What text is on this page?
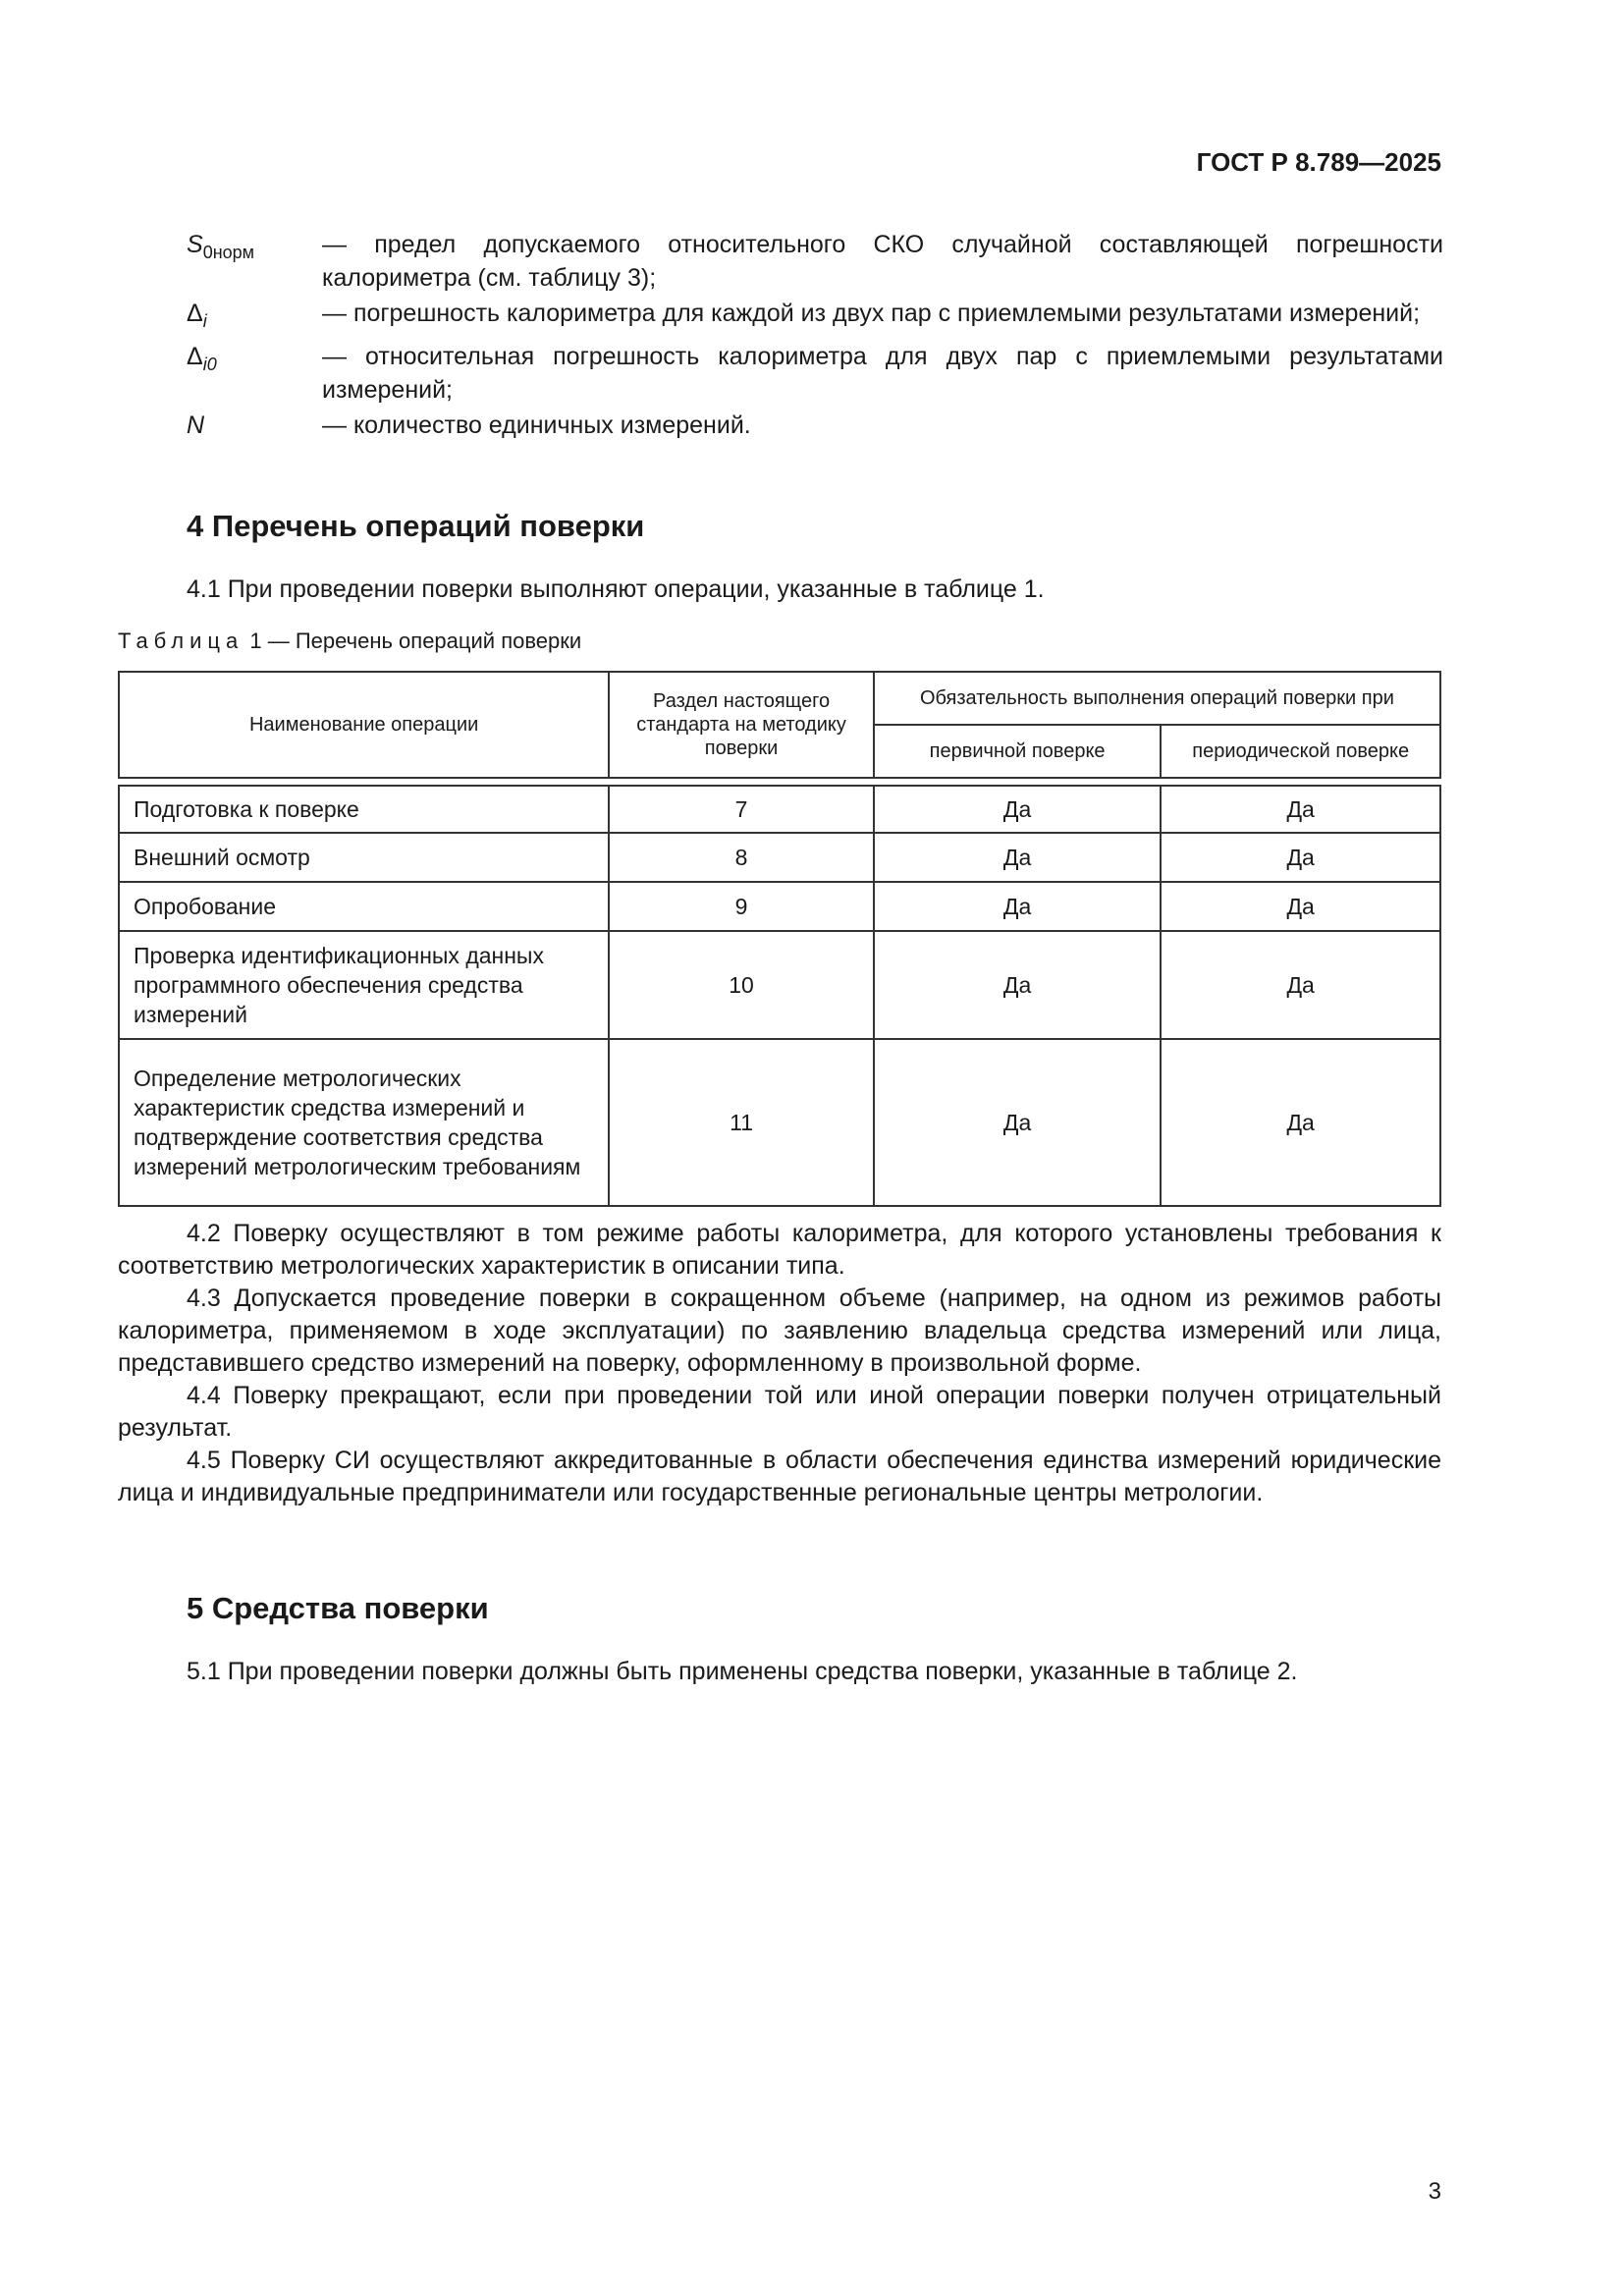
ГОСТ Р 8.789—2025
$S_{0норм}$	— предел допускаемого относительного СКО случайной составляющей погрешности калориметра (см. таблицу 3);
$\Delta_i$	— погрешность калориметра для каждой из двух пар с приемлемыми результатами измерений;
$\Delta_{i0}$	— относительная погрешность калориметра для двух пар с приемлемыми результатами измерений;
N	— количество единичных измерений.
4 Перечень операций поверки
4.1 При проведении поверки выполняют операции, указанные в таблице 1.
Таблица 1 — Перечень операций поверки
Наименование операции	Раздел настоящего стандарта на методику поверки	Обязательность выполнения операций поверки при	
		первичной поверке	периодической поверке

Подготовка к поверке	7	Да	Да
Внешний осмотр	8	Да	Да
Опробование	9	Да	Да
Проверка идентификационных данных программного обеспечения средства измерений	10	Да	Да
Определение метрологических характеристик средства измерений и подтверждение соответствия средства измерений метрологическим требованиям	11	Да	Да
4.2 Поверку осуществляют в том режиме работы калориметра, для которого установлены требования к соответствию метрологических характеристик в описании типа.
4.3 Допускается проведение поверки в сокращенном объеме (например, на одном из режимов работы калориметра, применяемом в ходе эксплуатации) по заявлению владельца средства измерений или лица, представившего средство измерений на поверку, оформленному в произвольной форме.
4.4 Поверку прекращают, если при проведении той или иной операции поверки получен отрицательный результат.
4.5 Поверку СИ осуществляют аккредитованные в области обеспечения единства измерений юридические лица и индивидуальные предприниматели или государственные региональные центры метрологии.
5 Средства поверки
5.1 При проведении поверки должны быть применены средства поверки, указанные в таблице 2.
3
